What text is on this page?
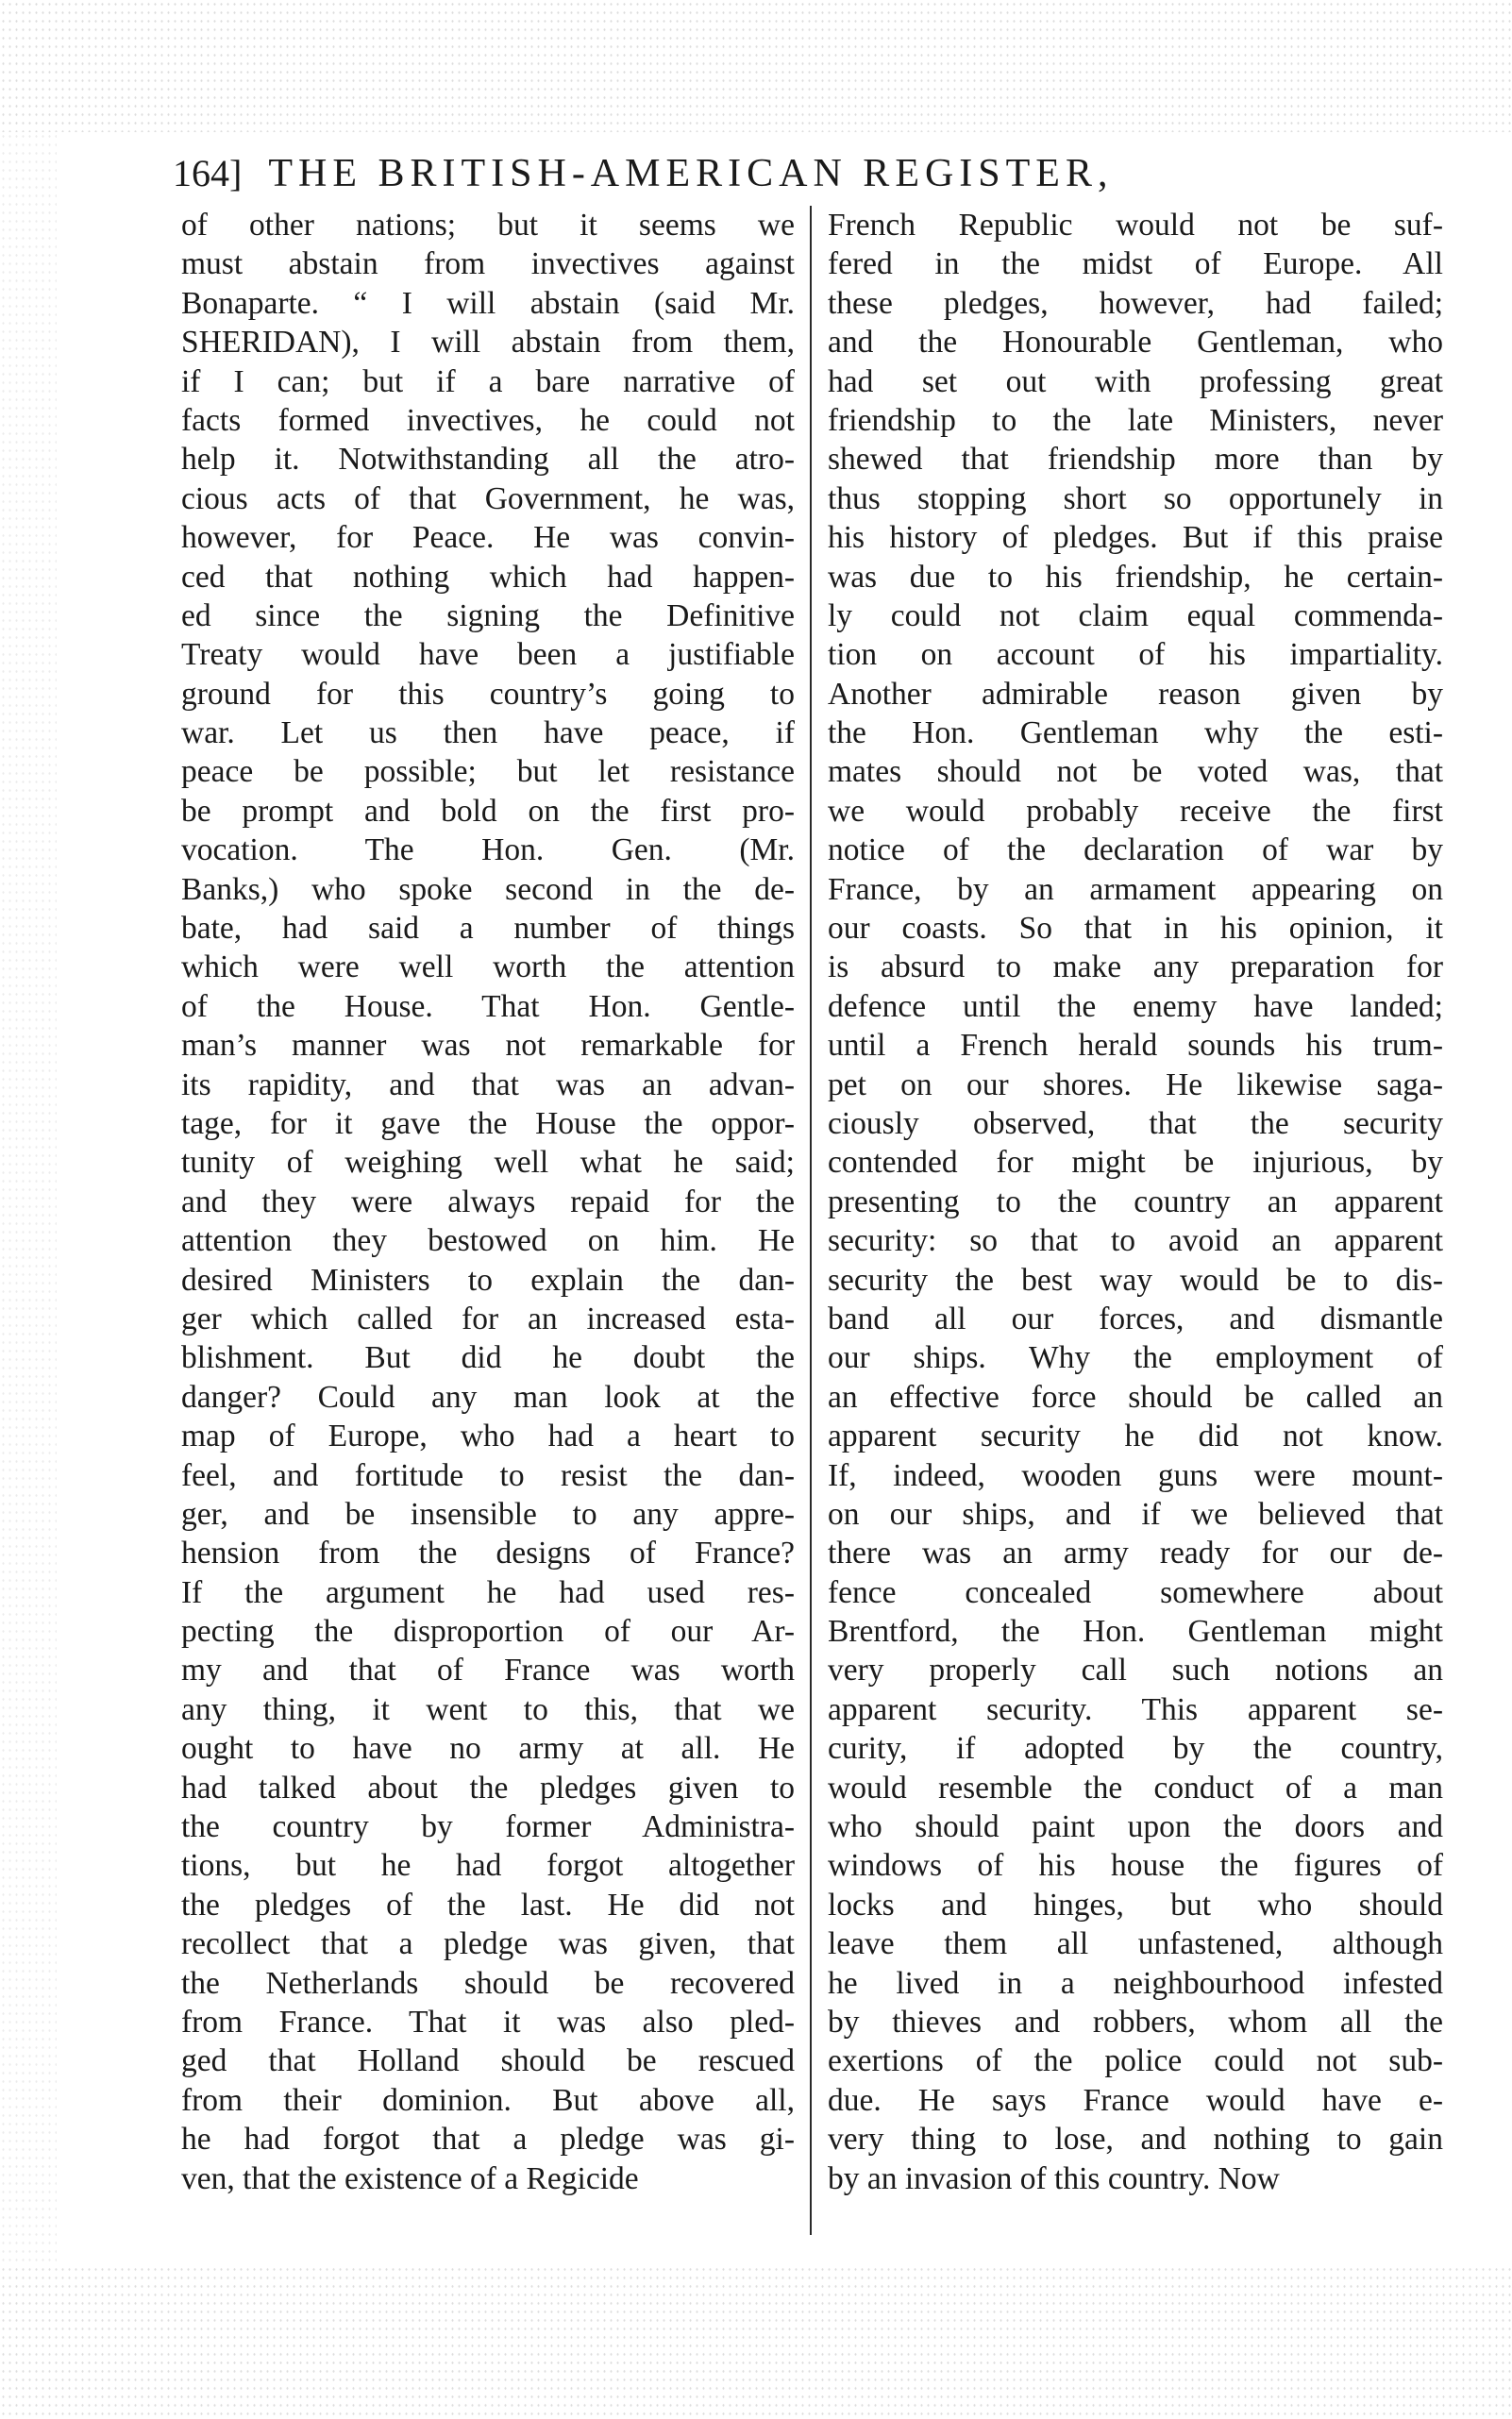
164] THE BRITISH-AMERICAN REGISTER,
of other nations; but it seems we
must abstain from invectives against
Bonaparte. “ I will abstain (said Mr.
SHERIDAN), I will abstain from them,
if I can; but if a bare narrative of
facts formed invectives, he could not
help it. Notwithstanding all the atro-
cious acts of that Government, he was,
however, for Peace. He was convin-
ced that nothing which had happen-
ed since the signing the Definitive
Treaty would have been a justifiable
ground for this country’s going to
war. Let us then have peace, if
peace be possible; but let resistance
be prompt and bold on the first pro-
vocation. The Hon. Gen. (Mr.
Banks,) who spoke second in the de-
bate, had said a number of things
which were well worth the attention
of the House. That Hon. Gentle-
man’s manner was not remarkable for
its rapidity, and that was an advan-
tage, for it gave the House the oppor-
tunity of weighing well what he said;
and they were always repaid for the
attention they bestowed on him. He
desired Ministers to explain the dan-
ger which called for an increased esta-
blishment. But did he doubt the
danger? Could any man look at the
map of Europe, who had a heart to
feel, and fortitude to resist the dan-
ger, and be insensible to any appre-
hension from the designs of France?
If the argument he had used res-
pecting the disproportion of our Ar-
my and that of France was worth
any thing, it went to this, that we
ought to have no army at all. He
had talked about the pledges given to
the country by former Administra-
tions, but he had forgot altogether
the pledges of the last. He did not
recollect that a pledge was given, that
the Netherlands should be recovered
from France. That it was also pled-
ged that Holland should be rescued
from their dominion. But above all,
he had forgot that a pledge was gi-
ven, that the existence of a Regicide
French Republic would not be suf-
fered in the midst of Europe. All
these pledges, however, had failed;
and the Honourable Gentleman, who
had set out with professing great
friendship to the late Ministers, never
shewed that friendship more than by
thus stopping short so opportunely in
his history of pledges. But if this praise
was due to his friendship, he certain-
ly could not claim equal commenda-
tion on account of his impartiality.
Another admirable reason given by
the Hon. Gentleman why the esti-
mates should not be voted was, that
we would probably receive the first
notice of the declaration of war by
France, by an armament appearing on
our coasts. So that in his opinion, it
is absurd to make any preparation for
defence until the enemy have landed;
until a French herald sounds his trum-
pet on our shores. He likewise saga-
ciously observed, that the security
contended for might be injurious, by
presenting to the country an apparent
security: so that to avoid an apparent
security the best way would be to dis-
band all our forces, and dismantle
our ships. Why the employment of
an effective force should be called an
apparent security he did not know.
If, indeed, wooden guns were mount-
on our ships, and if we believed that
there was an army ready for our de-
fence concealed somewhere about
Brentford, the Hon. Gentleman might
very properly call such notions an
apparent security. This apparent se-
curity, if adopted by the country,
would resemble the conduct of a man
who should paint upon the doors and
windows of his house the figures of
locks and hinges, but who should
leave them all unfastened, although
he lived in a neighbourhood infested
by thieves and robbers, whom all the
exertions of the police could not sub-
due. He says France would have e-
very thing to lose, and nothing to gain
by an invasion of this country. Now
